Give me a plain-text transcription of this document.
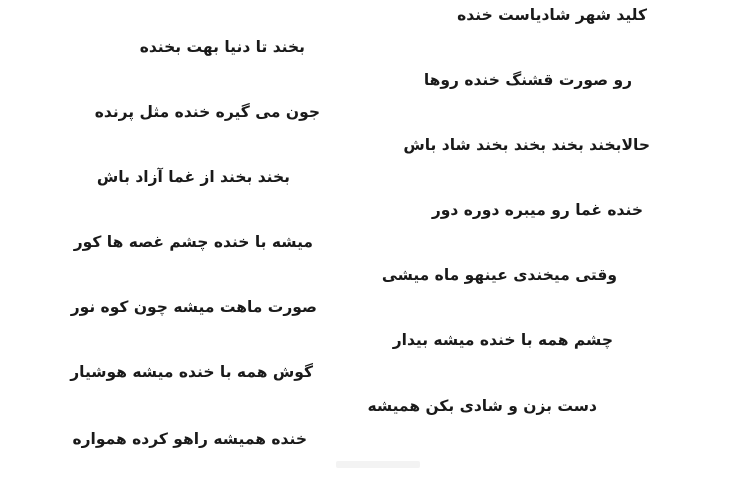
کلید شهر شادیاست خنده
بخند تا دنیا بهت بخنده
رو صورت قشنگ خنده روها
جون می گیره خنده مثل پرنده
حالابخند بخند بخند بخند شاد باش
بخند بخند از غما آزاد باش
خنده غما رو میبره دوره دور
میشه با خنده چشم غصه ها کور
وقتی میخندی عینهو ماه میشی
صورت ماهت میشه چون کوه نور
چشم همه با خنده میشه بیدار
گوش همه با خنده میشه هوشیار
دست بزن و شادی بکن همیشه
خنده همیشه راهو کرده همواره
